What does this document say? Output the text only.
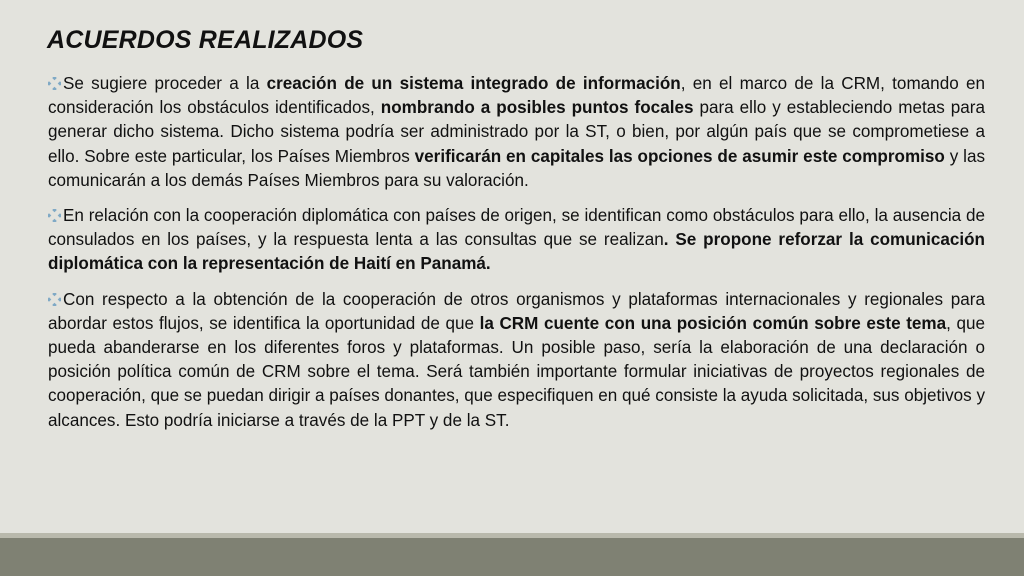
ACUERDOS REALIZADOS

Se sugiere proceder a la creación de un sistema integrado de información, en el marco de la CRM, tomando en consideración los obstáculos identificados, nombrando a posibles puntos focales para ello y estableciendo metas para generar dicho sistema. Dicho sistema podría ser administrado por la ST, o bien, por algún país que se comprometiese a ello. Sobre este particular, los Países Miembros verificarán en capitales las opciones de asumir este compromiso y las comunicarán a los demás Países Miembros para su valoración.

En relación con la cooperación diplomática con países de origen, se identifican como obstáculos para ello, la ausencia de consulados en los países, y la respuesta lenta a las consultas que se realizan. Se propone reforzar la comunicación diplomática con la representación de Haití en Panamá.

Con respecto a la obtención de la cooperación de otros organismos y plataformas internacionales y regionales para abordar estos flujos, se identifica la oportunidad de que la CRM cuente con una posición común sobre este tema, que pueda abanderarse en los diferentes foros y plataformas. Un posible paso, sería la elaboración de una declaración o posición política común de CRM sobre el tema. Será también importante formular iniciativas de proyectos regionales de cooperación, que se puedan dirigir a países donantes, que especifiquen en qué consiste la ayuda solicitada, sus objetivos y alcances. Esto podría iniciarse a través de la PPT y de la ST.
